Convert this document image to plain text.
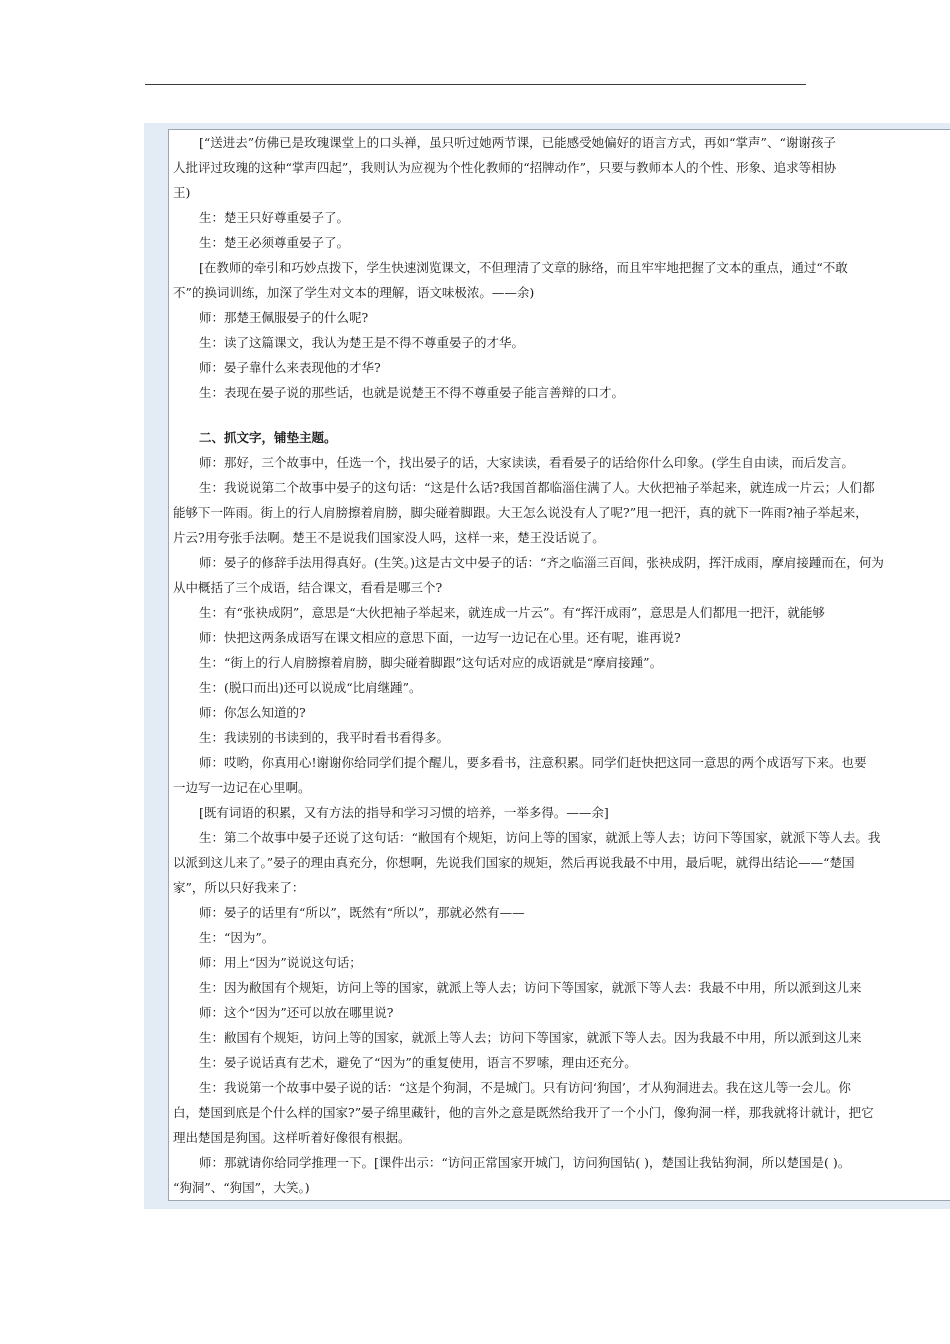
[“送进去”仿佛已是玫瑰课堂上的口头禅，虽只听过她两节课，已能感受她偏好的语言方式，再如“掌声”、“谢谢孩子
人批评过玫瑰的这种“掌声四起”，我则认为应视为个性化教师的“招牌动作”，只要与教师本人的个性、形象、追求等相协
王)

生：楚王只好尊重晏子了。

生：楚王必须尊重晏子了。

[在教师的牵引和巧妙点拨下，学生快速浏览课文，不但理清了文章的脉络，而且牢牢地把握了文本的重点，通过“不敢
不”的换词训练，加深了学生对文本的理解，语文味极浓。——余)

师：那楚王佩服晏子的什么呢?

生：读了这篇课文，我认为楚王是不得不尊重晏子的才华。

师：晏子靠什么来表现他的才华?

生：表现在晏子说的那些话，也就是说楚王不得不尊重晏子能言善辩的口才。

二、抓文字，铺垫主题。

师：那好，三个故事中，任选一个，找出晏子的话，大家读读，看看晏子的话给你什么印象。(学生自由读，而后发言。

生：我说说第二个故事中晏子的这句话：“这是什么话?我国首都临淄住满了人。大伙把袖子举起来，就连成一片云；人们都
能够下一阵雨。街上的行人肩膀擦着肩膀，脚尖碰着脚跟。大王怎么说没有人了呢?”甩一把汗，真的就下一阵雨?袖子举起来，
片云?用夸张手法啊。楚王不是说我们国家没人吗，这样一来，楚王没话说了。

师：晏子的修辞手法用得真好。(生笑。)这是古文中晏子的话：“齐之临淄三百闾，张袂成阴，挥汗成雨，摩肩接踵而在，何为
从中概括了三个成语，结合课文，看看是哪三个?

生：有“张袂成阴”，意思是“大伙把袖子举起来，就连成一片云”。有“挥汗成雨”，意思是人们都甩一把汗，就能够

师：快把这两条成语写在课文相应的意思下面，一边写一边记在心里。还有呢，谁再说?

生：“街上的行人肩膀擦着肩膀，脚尖碰着脚跟”这句话对应的成语就是“摩肩接踵”。

生：(脱口而出)还可以说成“比肩继踵”。

师：你怎么知道的?

生：我读别的书读到的，我平时看书看得多。

师：哎哟，你真用心!谢谢你给同学们提个醒儿，要多看书，注意积累。同学们赶快把这同一意思的两个成语写下来。也要
一边写一边记在心里啊。

[既有词语的积累，又有方法的指导和学习习惯的培养，一举多得。——余]

生：第二个故事中晏子还说了这句话：“敝国有个规矩，访问上等的国家，就派上等人去；访问下等国家，就派下等人去。我
以派到这儿来了。”晏子的理由真充分，你想啊，先说我们国家的规矩，然后再说我最不中用，最后呢，就得出结论——“楚国
家”，所以只好我来了：

师：晏子的话里有“所以”，既然有“所以”，那就必然有——

生：“因为”。

师：用上“因为”说说这句话；

生：因为敝国有个规矩，访问上等的国家，就派上等人去；访问下等国家，就派下等人去：我最不中用，所以派到这儿来

师：这个“因为”还可以放在哪里说?

生：敝国有个规矩，访问上等的国家，就派上等人去；访问下等国家，就派下等人去。因为我最不中用，所以派到这儿来

生：晏子说话真有艺术，避免了“因为”的重复使用，语言不罗嗦，理由还充分。

生：我说第一个故事中晏子说的话：“这是个狗洞，不是城门。只有访问‘狗国’，才从狗洞进去。我在这儿等一会儿。你
白，楚国到底是个什么样的国家?”晏子绵里藏针，他的言外之意是既然给我开了一个小门，像狗洞一样，那我就将计就计，把它
理出楚国是狗国。这样听着好像很有根据。

师：那就请你给同学推理一下。[课件出示：“访问正常国家开城门，访问狗国钻( )，楚国让我钻狗洞，所以楚国是( )。
“狗洞”、“狗国”，大笑。)
